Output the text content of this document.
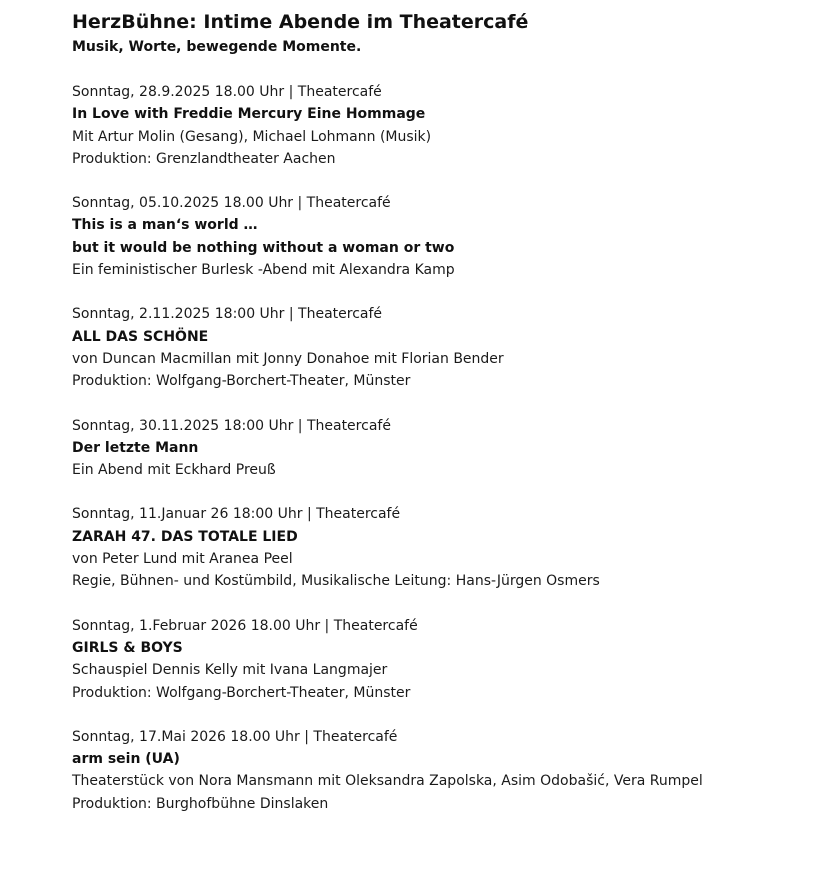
HerzBühne: Intime Abende im Theatercafé

Musik, Worte, bewegende Momente.

Sonntag, 28.9.2025 18.00 Uhr | Theatercafé
In Love with Freddie Mercury Eine Hommage
Mit Artur Molin (Gesang), Michael Lohmann (Musik)
Produktion: Grenzlandtheater Aachen
Sonntag, 05.10.2025 18.00 Uhr | Theatercafé
This is a man‘s world …
but it would be nothing without a woman or two
Ein feministischer Burlesk -Abend mit Alexandra Kamp
Sonntag, 2.11.2025 18:00 Uhr | Theatercafé
ALL DAS SCHÖNE
von Duncan Macmillan mit Jonny Donahoe mit Florian Bender
Produktion: Wolfgang-Borchert-Theater, Münster
Sonntag, 30.11.2025 18:00 Uhr | Theatercafé
Der letzte Mann
Ein Abend mit Eckhard Preuß
Sonntag, 11.Januar 26 18:00 Uhr | Theatercafé
ZARAH 47. DAS TOTALE LIED
von Peter Lund mit Aranea Peel
Regie, Bühnen- und Kostümbild, Musikalische Leitung: Hans-Jürgen Osmers
Sonntag, 1.Februar 2026 18.00 Uhr | Theatercafé
GIRLS & BOYS
Schauspiel Dennis Kelly mit Ivana Langmajer
Produktion: Wolfgang-Borchert-Theater, Münster
Sonntag, 17.Mai 2026 18.00 Uhr | Theatercafé
arm sein (UA)
Theaterstück von Nora Mansmann mit Oleksandra Zapolska, Asim Odobašić, Vera Rumpel
Produktion: Burghofbühne Dinslaken
